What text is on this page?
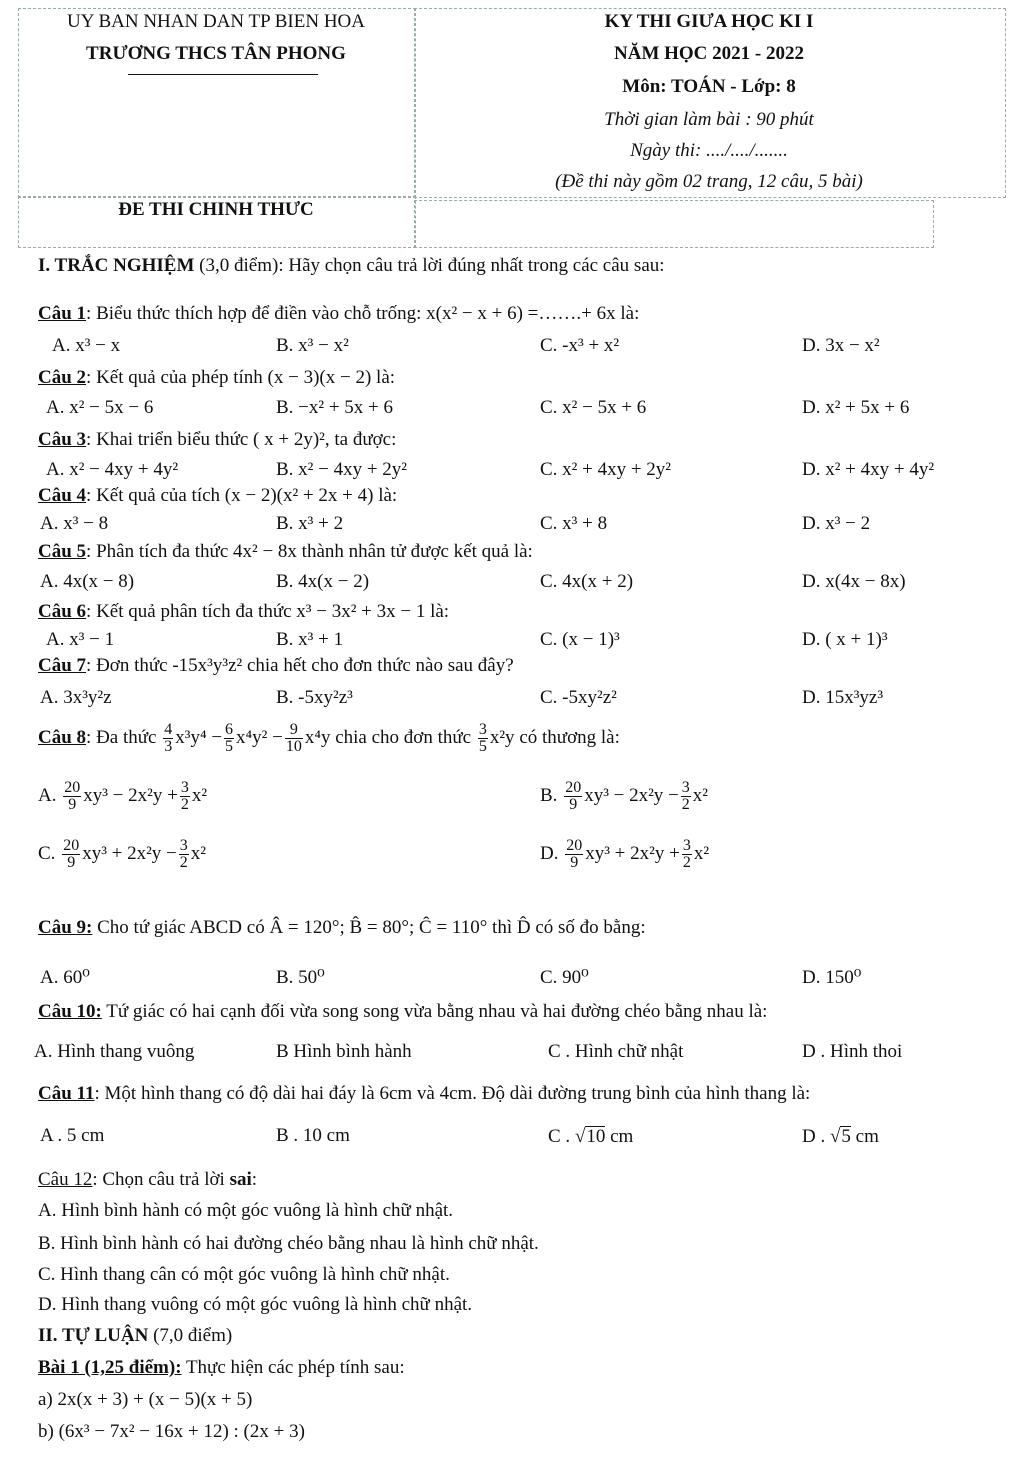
UY BAN NHAN DAN TP BIEN HOA
TRƯƠNG THCS TÂN PHONG
ĐE THI CHINH THƯC
KY THI GIƯA HỌC KI I
NĂM HỌC 2021 - 2022
Môn: TOÁN - Lớp: 8
Thời gian làm bài : 90 phút
Ngày thi: ..../..../.......
(Đề thi này gồm 02 trang, 12 câu, 5 bài)
I. TRẮC NGHIỆM (3,0 điểm): Hãy chọn câu trả lời đúng nhất trong các câu sau:
Câu 1: Biểu thức thích hợp để điền vào chỗ trống: x(x² − x + 6) =…….+ 6x là:
A. x³ − x	B. x³ − x²	C. -x³ + x²	D. 3x − x²
Câu 2: Kết quả của phép tính (x − 3)(x − 2) là:
A. x² − 5x − 6	B. −x² + 5x + 6	C. x² − 5x + 6	D. x² + 5x + 6
Câu 3: Khai triển biểu thức ( x + 2y)², ta được:
A. x² − 4xy + 4y²	B. x² − 4xy + 2y²	C. x² + 4xy + 2y²	D. x² + 4xy + 4y²
Câu 4: Kết quả của tích (x − 2)(x² + 2x + 4) là:
A. x³ − 8	B. x³ + 2	C. x³ + 8	D. x³ − 2
Câu 5: Phân tích đa thức 4x² − 8x thành nhân tử được kết quả là:
A. 4x(x − 8)	B. 4x(x − 2)	C. 4x(x + 2)	D. x(4x − 8x)
Câu 6: Kết quả phân tích đa thức x³ − 3x² + 3x − 1 là:
A. x³ − 1	B. x³ + 1	C. (x − 1)³	D. ( x + 1)³
Câu 7: Đơn thức -15x³y³z² chia hết cho đơn thức nào sau đây?
A. 3x³y²z	B. -5xy²z³	C. -5xy²z²	D. 15x³yz³
Câu 8: Đa thức $\frac{4}{3} x^3y^4 - \frac{6}{5} x^4y^2 - \frac{9}{10} x^4y$ chia cho đơn thức $\frac{3}{5} x^2y$ có thương là:
A. $\frac{20}{9} xy^3 - 2x^2y + \frac{3}{2} x^2$	B. $\frac{20}{9} xy^3 - 2x^2y - \frac{3}{2} x^2$
C. $\frac{20}{9} xy^3 + 2x^2y - \frac{3}{2} x^2$	D. $\frac{20}{9} xy^3 + 2x^2y + \frac{3}{2} x^2$
Câu 9: Cho tứ giác ABCD có Â = 120°; B̂ = 80°; Ĉ = 110° thì D̂ có số đo bằng:
A. 60⁰	B. 50⁰	C. 90⁰	D. 150⁰
Câu 10: Tứ giác có hai cạnh đối vừa song song vừa bằng nhau và hai đường chéo bằng nhau là:
A. Hình thang vuông	B Hình bình hành	C . Hình chữ nhật	D . Hình thoi
Câu 11: Một hình thang có độ dài hai đáy là 6cm và 4cm. Độ dài đường trung bình của hình thang là:
A . 5 cm	B . 10 cm	C . √10 cm	D . √5 cm
Câu 12: Chọn câu trả lời sai:
A. Hình bình hành có một góc vuông là hình chữ nhật.
B. Hình bình hành có hai đường chéo bằng nhau là hình chữ nhật.
C. Hình thang cân có một góc vuông là hình chữ nhật.
D. Hình thang vuông có một góc vuông là hình chữ nhật.
II. TỰ LUẬN (7,0 điểm)
Bài 1 (1,25 điểm): Thực hiện các phép tính sau:
a) 2x(x + 3) + (x − 5)(x + 5)
b) (6x³ − 7x² − 16x + 12) : (2x + 3)
